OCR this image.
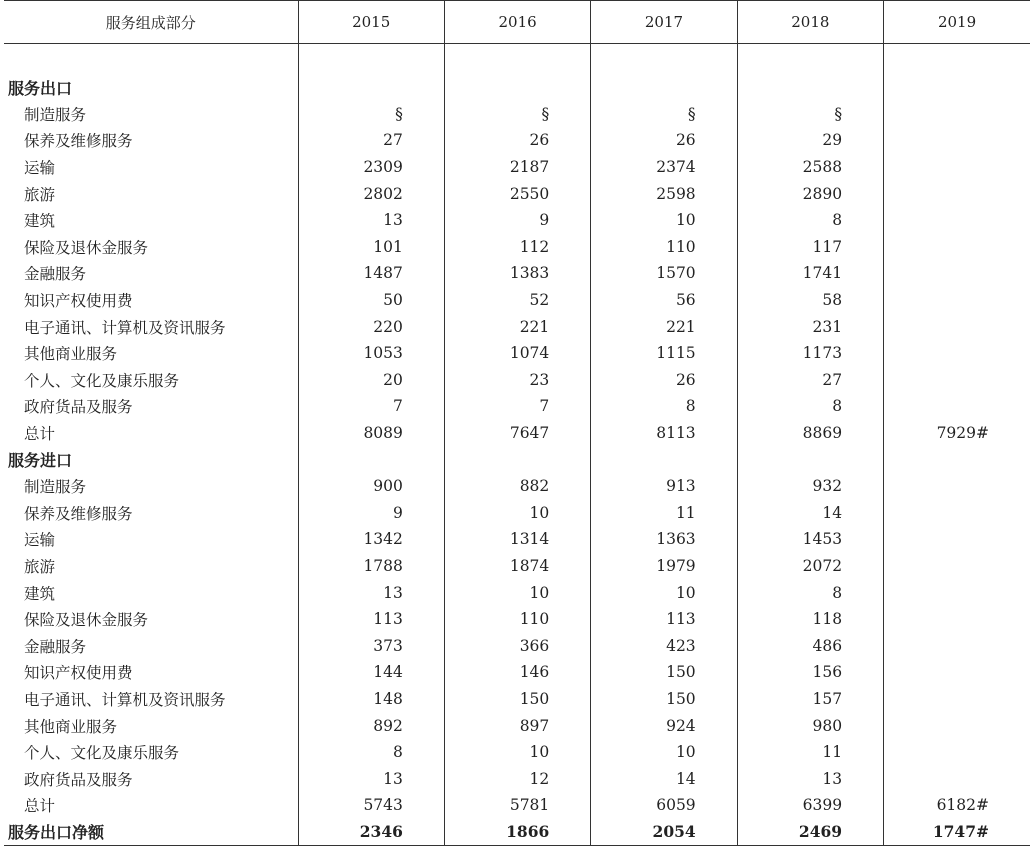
服务组成部分	2015	2016	2017	2018	2019

服务出口					
制造服务	§	§	§	§	
保养及维修服务	27	26	26	29	
运输	2309	2187	2374	2588	
旅游	2802	2550	2598	2890	
建筑	13	9	10	8	
保险及退休金服务	101	112	110	117	
金融服务	1487	1383	1570	1741	
知识产权使用费	50	52	56	58	
电子通讯、计算机及资讯服务	220	221	221	231	
其他商业服务	1053	1074	1115	1173	
个人、文化及康乐服务	20	23	26	27	
政府货品及服务	7	7	8	8	
总计	8089	7647	8113	8869	7929#
服务进口					
制造服务	900	882	913	932	
保养及维修服务	9	10	11	14	
运输	1342	1314	1363	1453	
旅游	1788	1874	1979	2072	
建筑	13	10	10	8	
保险及退休金服务	113	110	113	118	
金融服务	373	366	423	486	
知识产权使用费	144	146	150	156	
电子通讯、计算机及资讯服务	148	150	150	157	
其他商业服务	892	897	924	980	
个人、文化及康乐服务	8	10	10	11	
政府货品及服务	13	12	14	13	
总计	5743	5781	6059	6399	6182#
服务出口净额	2346	1866	2054	2469	1747#
